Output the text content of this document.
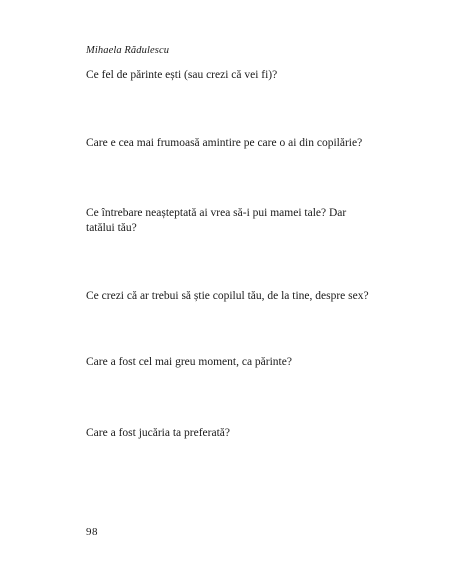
Mihaela Rădulescu
Ce fel de părinte ești (sau crezi că vei fi)?
Care e cea mai frumoasă amintire pe care o ai din copilărie?
Ce întrebare neașteptată ai vrea să-i pui mamei tale? Dar tatălui tău?
Ce crezi că ar trebui să știe copilul tău, de la tine, despre sex?
Care a fost cel mai greu moment, ca părinte?
Care a fost jucăria ta preferată?
98
